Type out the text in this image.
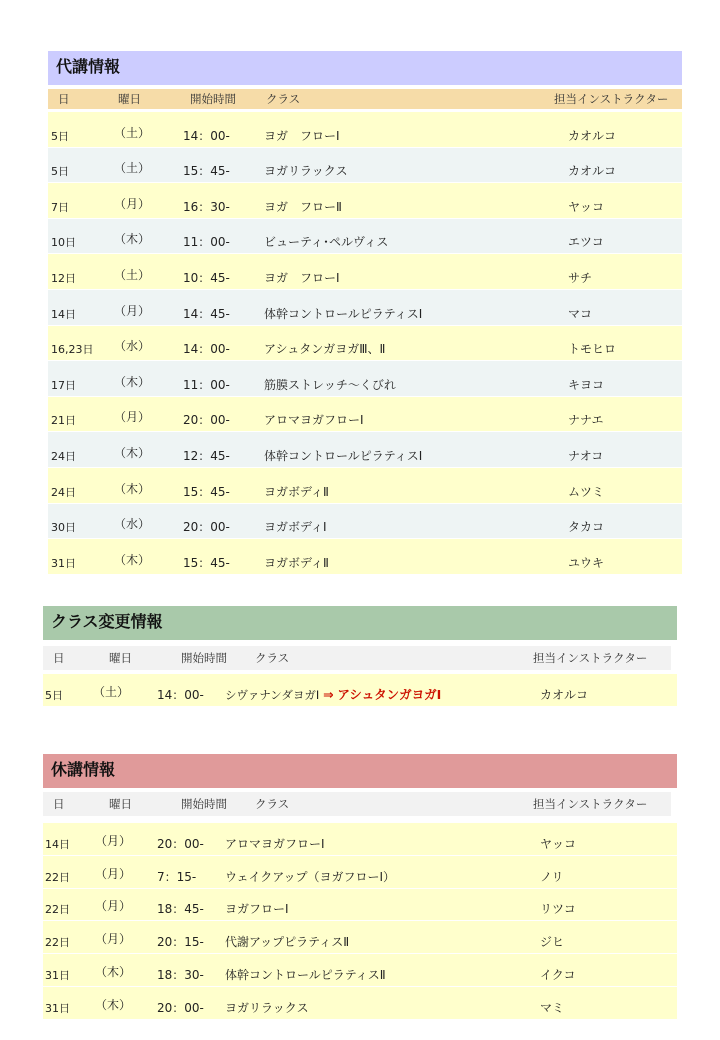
代講情報
日	曜日	開始時間	クラス	担当インストラクター
5日	（土）	14：00-	ヨガ　フローⅠ	カオルコ
5日	（土）	15：45-	ヨガリラックス	カオルコ
7日	（月）	16：30-	ヨガ　フローⅡ	ヤッコ
10日	（木）	11：00-	ビューティ･ペルヴィス	エツコ
12日	（土）	10：45-	ヨガ　フローⅠ	サチ
14日	（月）	14：45-	体幹コントロールピラティスⅠ	マコ
16,23日 （水）	14：00-	アシュタンガヨガⅢ、Ⅱ	トモヒロ
17日	（木）	11：00-	筋膜ストレッチ～くびれ	キヨコ
21日	（月）	20：00-	アロマヨガフローⅠ	ナナエ
24日	（木）	12：45-	体幹コントロールピラティスⅠ	ナオコ
24日	（木）	15：45-	ヨガボディⅡ	ムツミ
30日	（水）	20：00-	ヨガボディⅠ	タカコ
31日	（木）	15：45-	ヨガボディⅡ	ユウキ
クラス変更情報
日	曜日	開始時間 クラス	担当インストラクター
5日	（土） 14：00- シヴァナンダヨガⅠ ⇒ アシュタンガヨガⅠ	カオルコ
休講情報
日	曜日	開始時間 クラス	担当インストラクター
14日 （月） 20：00- アロマヨガフローⅠ	ヤッコ
22日 （月） 7：15- ウェイクアップ（ヨガフローⅠ）	ノリ
22日 （月） 18：45- ヨガフローⅠ	リツコ
22日 （月） 20：15- 代謝アップピラティスⅡ	ジヒ
31日 （木） 18：30- 体幹コントロールピラティスⅡ	イクコ
31日 （木） 20：00- ヨガリラックス	マミ
